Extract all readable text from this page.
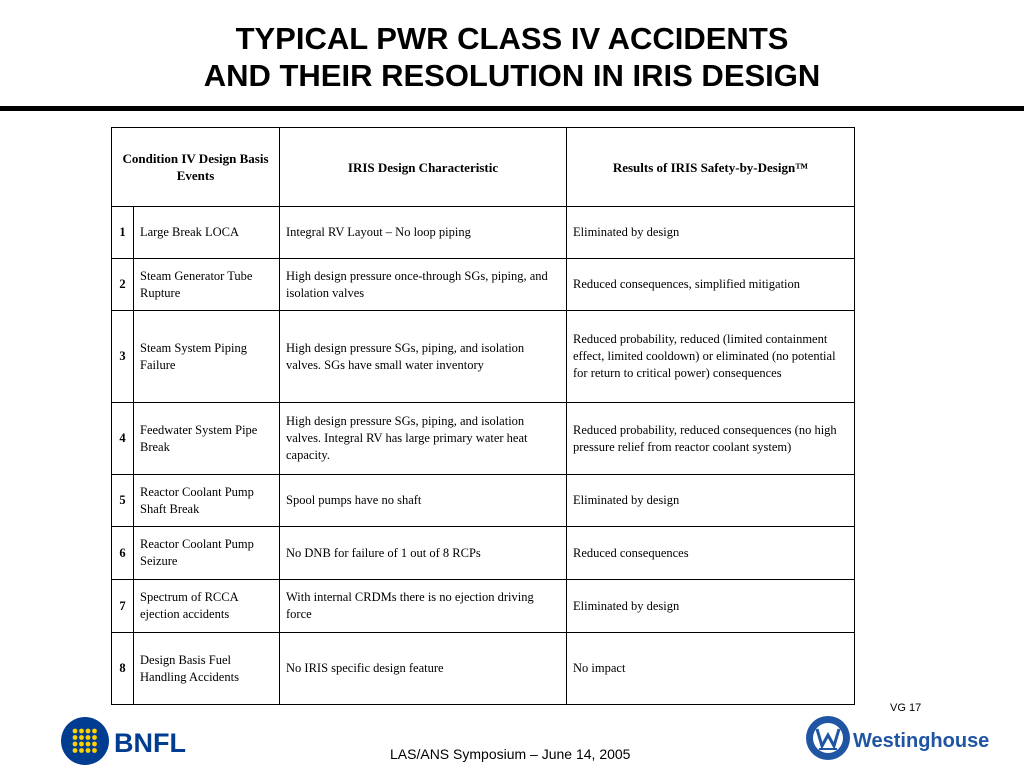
TYPICAL PWR CLASS IV ACCIDENTS
AND THEIR RESOLUTION IN IRIS DESIGN
Condition IV Design Basis Events		IRIS Design Characteristic	Results of IRIS Safety-by-Design™
1	Large Break LOCA	Integral RV Layout – No loop piping	Eliminated by design
2	Steam Generator Tube Rupture	High design pressure once-through SGs, piping, and isolation valves	Reduced consequences, simplified mitigation
3	Steam System Piping Failure	High design pressure SGs, piping, and isolation valves. SGs have small water inventory	Reduced probability, reduced (limited containment effect, limited cooldown) or eliminated (no potential for return to critical power) consequences
4	Feedwater System Pipe Break	High design pressure SGs, piping, and isolation valves. Integral RV has large primary water heat capacity.	Reduced probability, reduced consequences (no high pressure relief from reactor coolant system)
5	Reactor Coolant Pump Shaft Break	Spool pumps have no shaft	Eliminated by design
6	Reactor Coolant Pump Seizure	No DNB for failure of 1 out of 8 RCPs	Reduced consequences
7	Spectrum of RCCA ejection accidents	With internal CRDMs there is no ejection driving force	Eliminated by design
8	Design Basis Fuel Handling Accidents	No IRIS specific design feature	No impact
VG 17
BNFL	Westinghouse
LAS/ANS Symposium – June 14, 2005
